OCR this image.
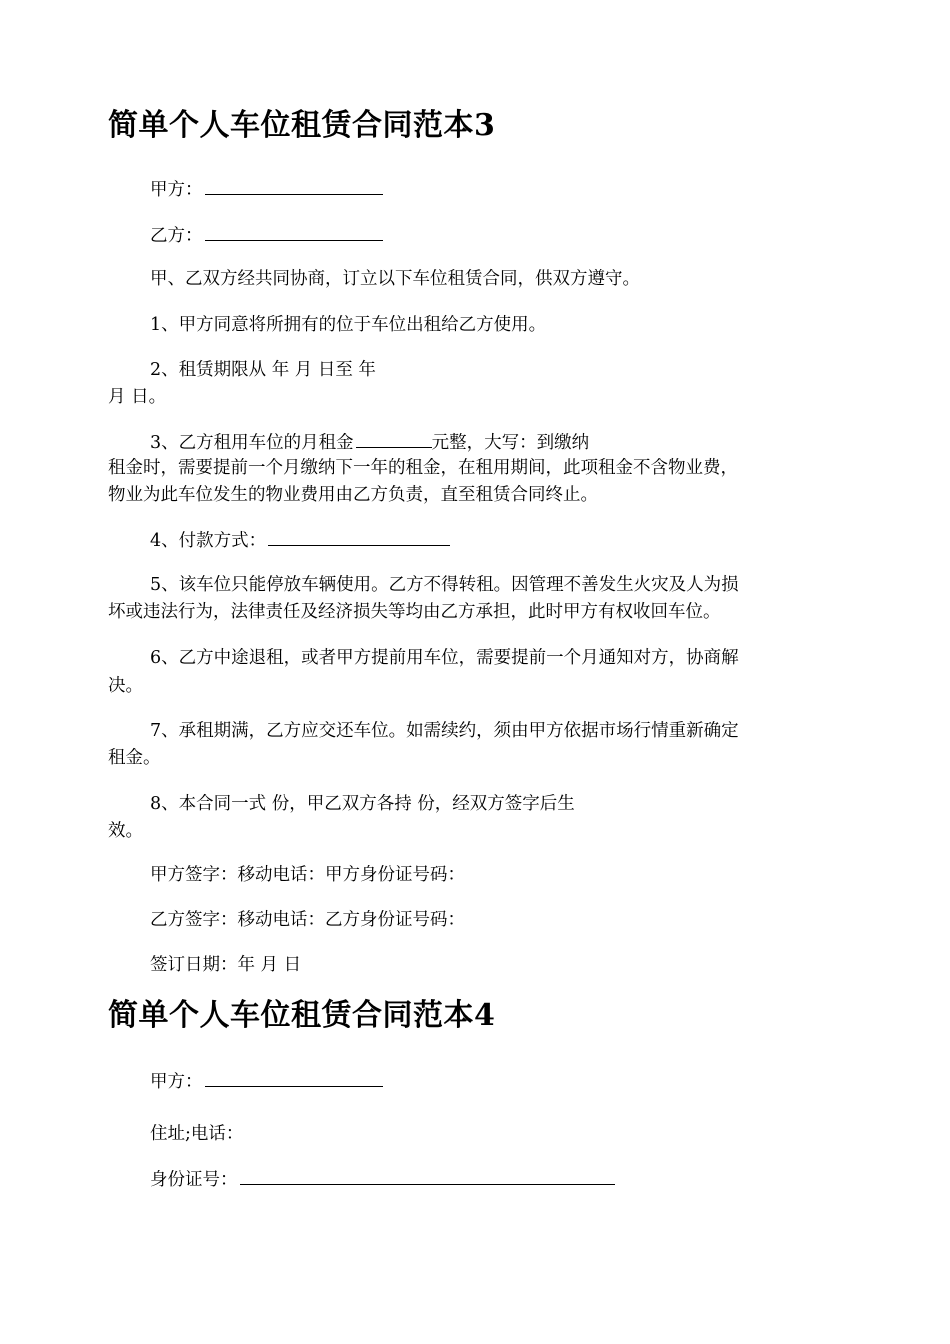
简单个人车位租赁合同范本3
甲方：
乙方：
甲、乙双方经共同协商，订立以下车位租赁合同，供双方遵守。
1、甲方同意将所拥有的位于车位出租给乙方使用。
2、租赁期限从 年 月 日至 年
月 日。
3、乙方租用车位的月租金	元整，大写：到缴纳
租金时，需要提前一个月缴纳下一年的租金，在租用期间，此项租金不含物业费，
物业为此车位发生的物业费用由乙方负责，直至租赁合同终止。
4、付款方式：
5、该车位只能停放车辆使用。乙方不得转租。因管理不善发生火灾及人为损
坏或违法行为，法律责任及经济损失等均由乙方承担，此时甲方有权收回车位。
6、乙方中途退租，或者甲方提前用车位，需要提前一个月通知对方，协商解
决。
7、承租期满，乙方应交还车位。如需续约，须由甲方依据市场行情重新确定
租金。
8、本合同一式 份，甲乙双方各持 份，经双方签字后生
效。
甲方签字：移动电话：甲方身份证号码：
乙方签字：移动电话：乙方身份证号码：
签订日期：年 月 日
简单个人车位租赁合同范本4
甲方：
住址;电话：
身份证号：
